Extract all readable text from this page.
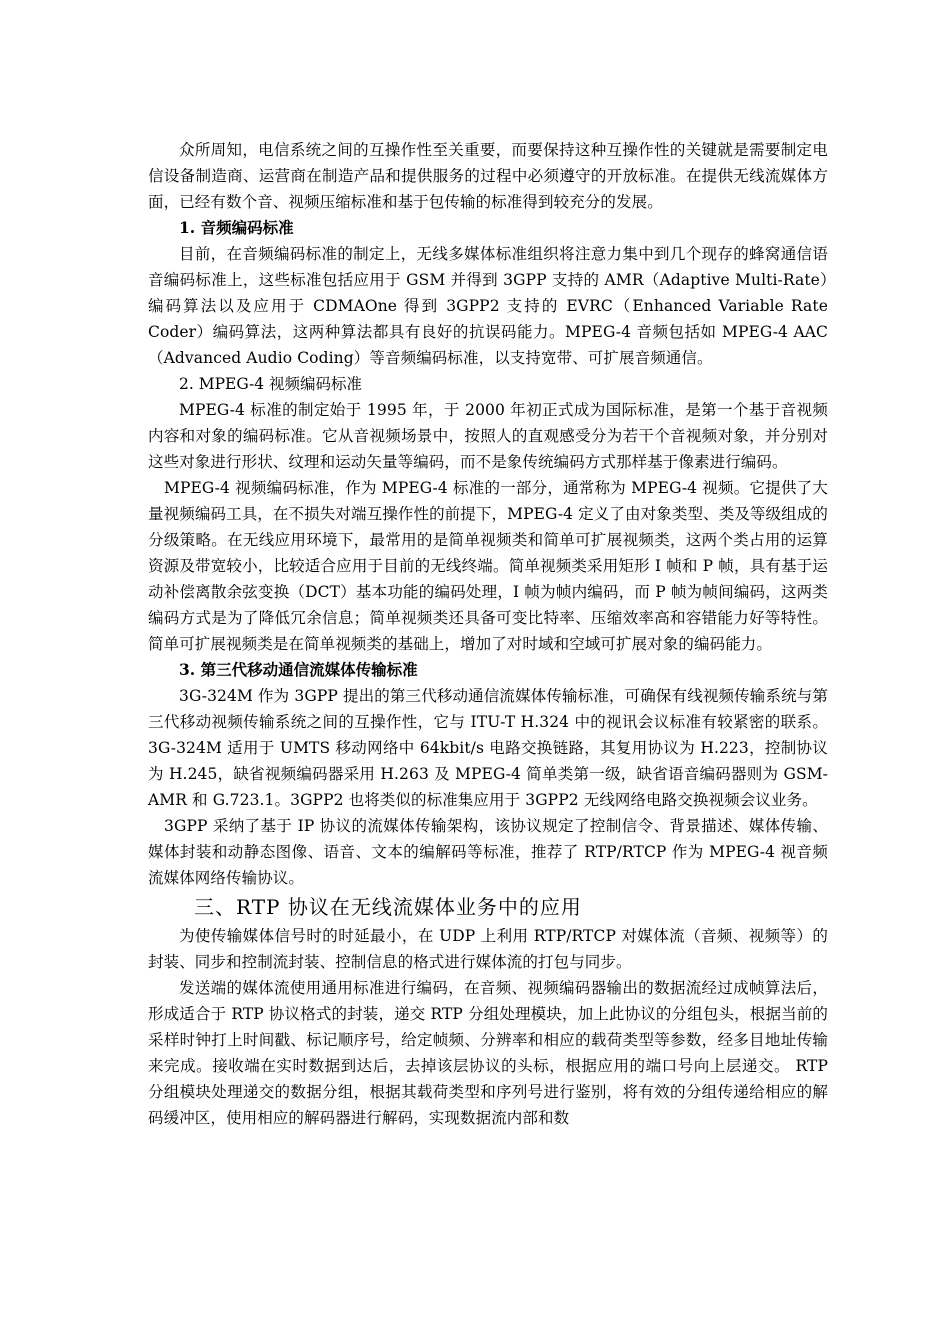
众所周知，电信系统之间的互操作性至关重要，而要保持这种互操作性的关键就是需要制定电信设备制造商、运营商在制造产品和提供服务的过程中必须遵守的开放标准。在提供无线流媒体方面，已经有数个音、视频压缩标准和基于包传输的标准得到较充分的发展。

1. 音频编码标准

目前，在音频编码标准的制定上，无线多媒体标准组织将注意力集中到几个现存的蜂窝通信语音编码标准上，这些标准包括应用于 GSM 并得到 3GPP 支持的 AMR（Adaptive Multi-Rate）编码算法以及应用于 CDMAOne 得到 3GPP2 支持的 EVRC（Enhanced Variable Rate Coder）编码算法，这两种算法都具有良好的抗误码能力。MPEG-4 音频包括如 MPEG-4 AAC（Advanced Audio Coding）等音频编码标准，以支持宽带、可扩展音频通信。

2. MPEG-4 视频编码标准

MPEG-4 标准的制定始于 1995 年，于 2000 年初正式成为国际标准，是第一个基于音视频内容和对象的编码标准。它从音视频场景中，按照人的直观感受分为若干个音视频对象，并分别对这些对象进行形状、纹理和运动矢量等编码，而不是象传统编码方式那样基于像素进行编码。

MPEG-4 视频编码标准，作为 MPEG-4 标准的一部分，通常称为 MPEG-4 视频。它提供了大量视频编码工具，在不损失对端互操作性的前提下，MPEG-4 定义了由对象类型、类及等级组成的分级策略。在无线应用环境下，最常用的是简单视频类和简单可扩展视频类，这两个类占用的运算资源及带宽较小，比较适合应用于目前的无线终端。简单视频类采用矩形 I 帧和 P 帧，具有基于运动补偿离散余弦变换（DCT）基本功能的编码处理，I 帧为帧内编码，而 P 帧为帧间编码，这两类编码方式是为了降低冗余信息；简单视频类还具备可变比特率、压缩效率高和容错能力好等特性。简单可扩展视频类是在简单视频类的基础上，增加了对时域和空域可扩展对象的编码能力。

3. 第三代移动通信流媒体传输标准

3G-324M 作为 3GPP 提出的第三代移动通信流媒体传输标准，可确保有线视频传输系统与第三代移动视频传输系统之间的互操作性，它与 ITU-T H.324 中的视讯会议标准有较紧密的联系。3G-324M 适用于 UMTS 移动网络中 64kbit/s 电路交换链路，其复用协议为 H.223，控制协议为 H.245，缺省视频编码器采用 H.263 及 MPEG-4 简单类第一级，缺省语音编码器则为 GSM-AMR 和 G.723.1。3GPP2 也将类似的标准集应用于 3GPP2 无线网络电路交换视频会议业务。

3GPP 采纳了基于 IP 协议的流媒体传输架构，该协议规定了控制信令、背景描述、媒体传输、媒体封装和动静态图像、语音、文本的编解码等标准，推荐了 RTP/RTCP 作为 MPEG-4 视音频流媒体网络传输协议。

三、RTP 协议在无线流媒体业务中的应用

为使传输媒体信号时的时延最小，在 UDP 上利用 RTP/RTCP 对媒体流（音频、视频等）的封装、同步和控制流封装、控制信息的格式进行媒体流的打包与同步。

发送端的媒体流使用通用标准进行编码，在音频、视频编码器输出的数据流经过成帧算法后，形成适合于 RTP 协议格式的封装，递交 RTP 分组处理模块，加上此协议的分组包头，根据当前的采样时钟打上时间戳、标记顺序号，给定帧频、分辨率和相应的载荷类型等参数，经多目地址传输来完成。接收端在实时数据到达后，去掉该层协议的头标，根据应用的端口号向上层递交。 RTP 分组模块处理递交的数据分组，根据其载荷类型和序列号进行鉴别，将有效的分组传递给相应的解码缓冲区，使用相应的解码器进行解码，实现数据流内部和数
